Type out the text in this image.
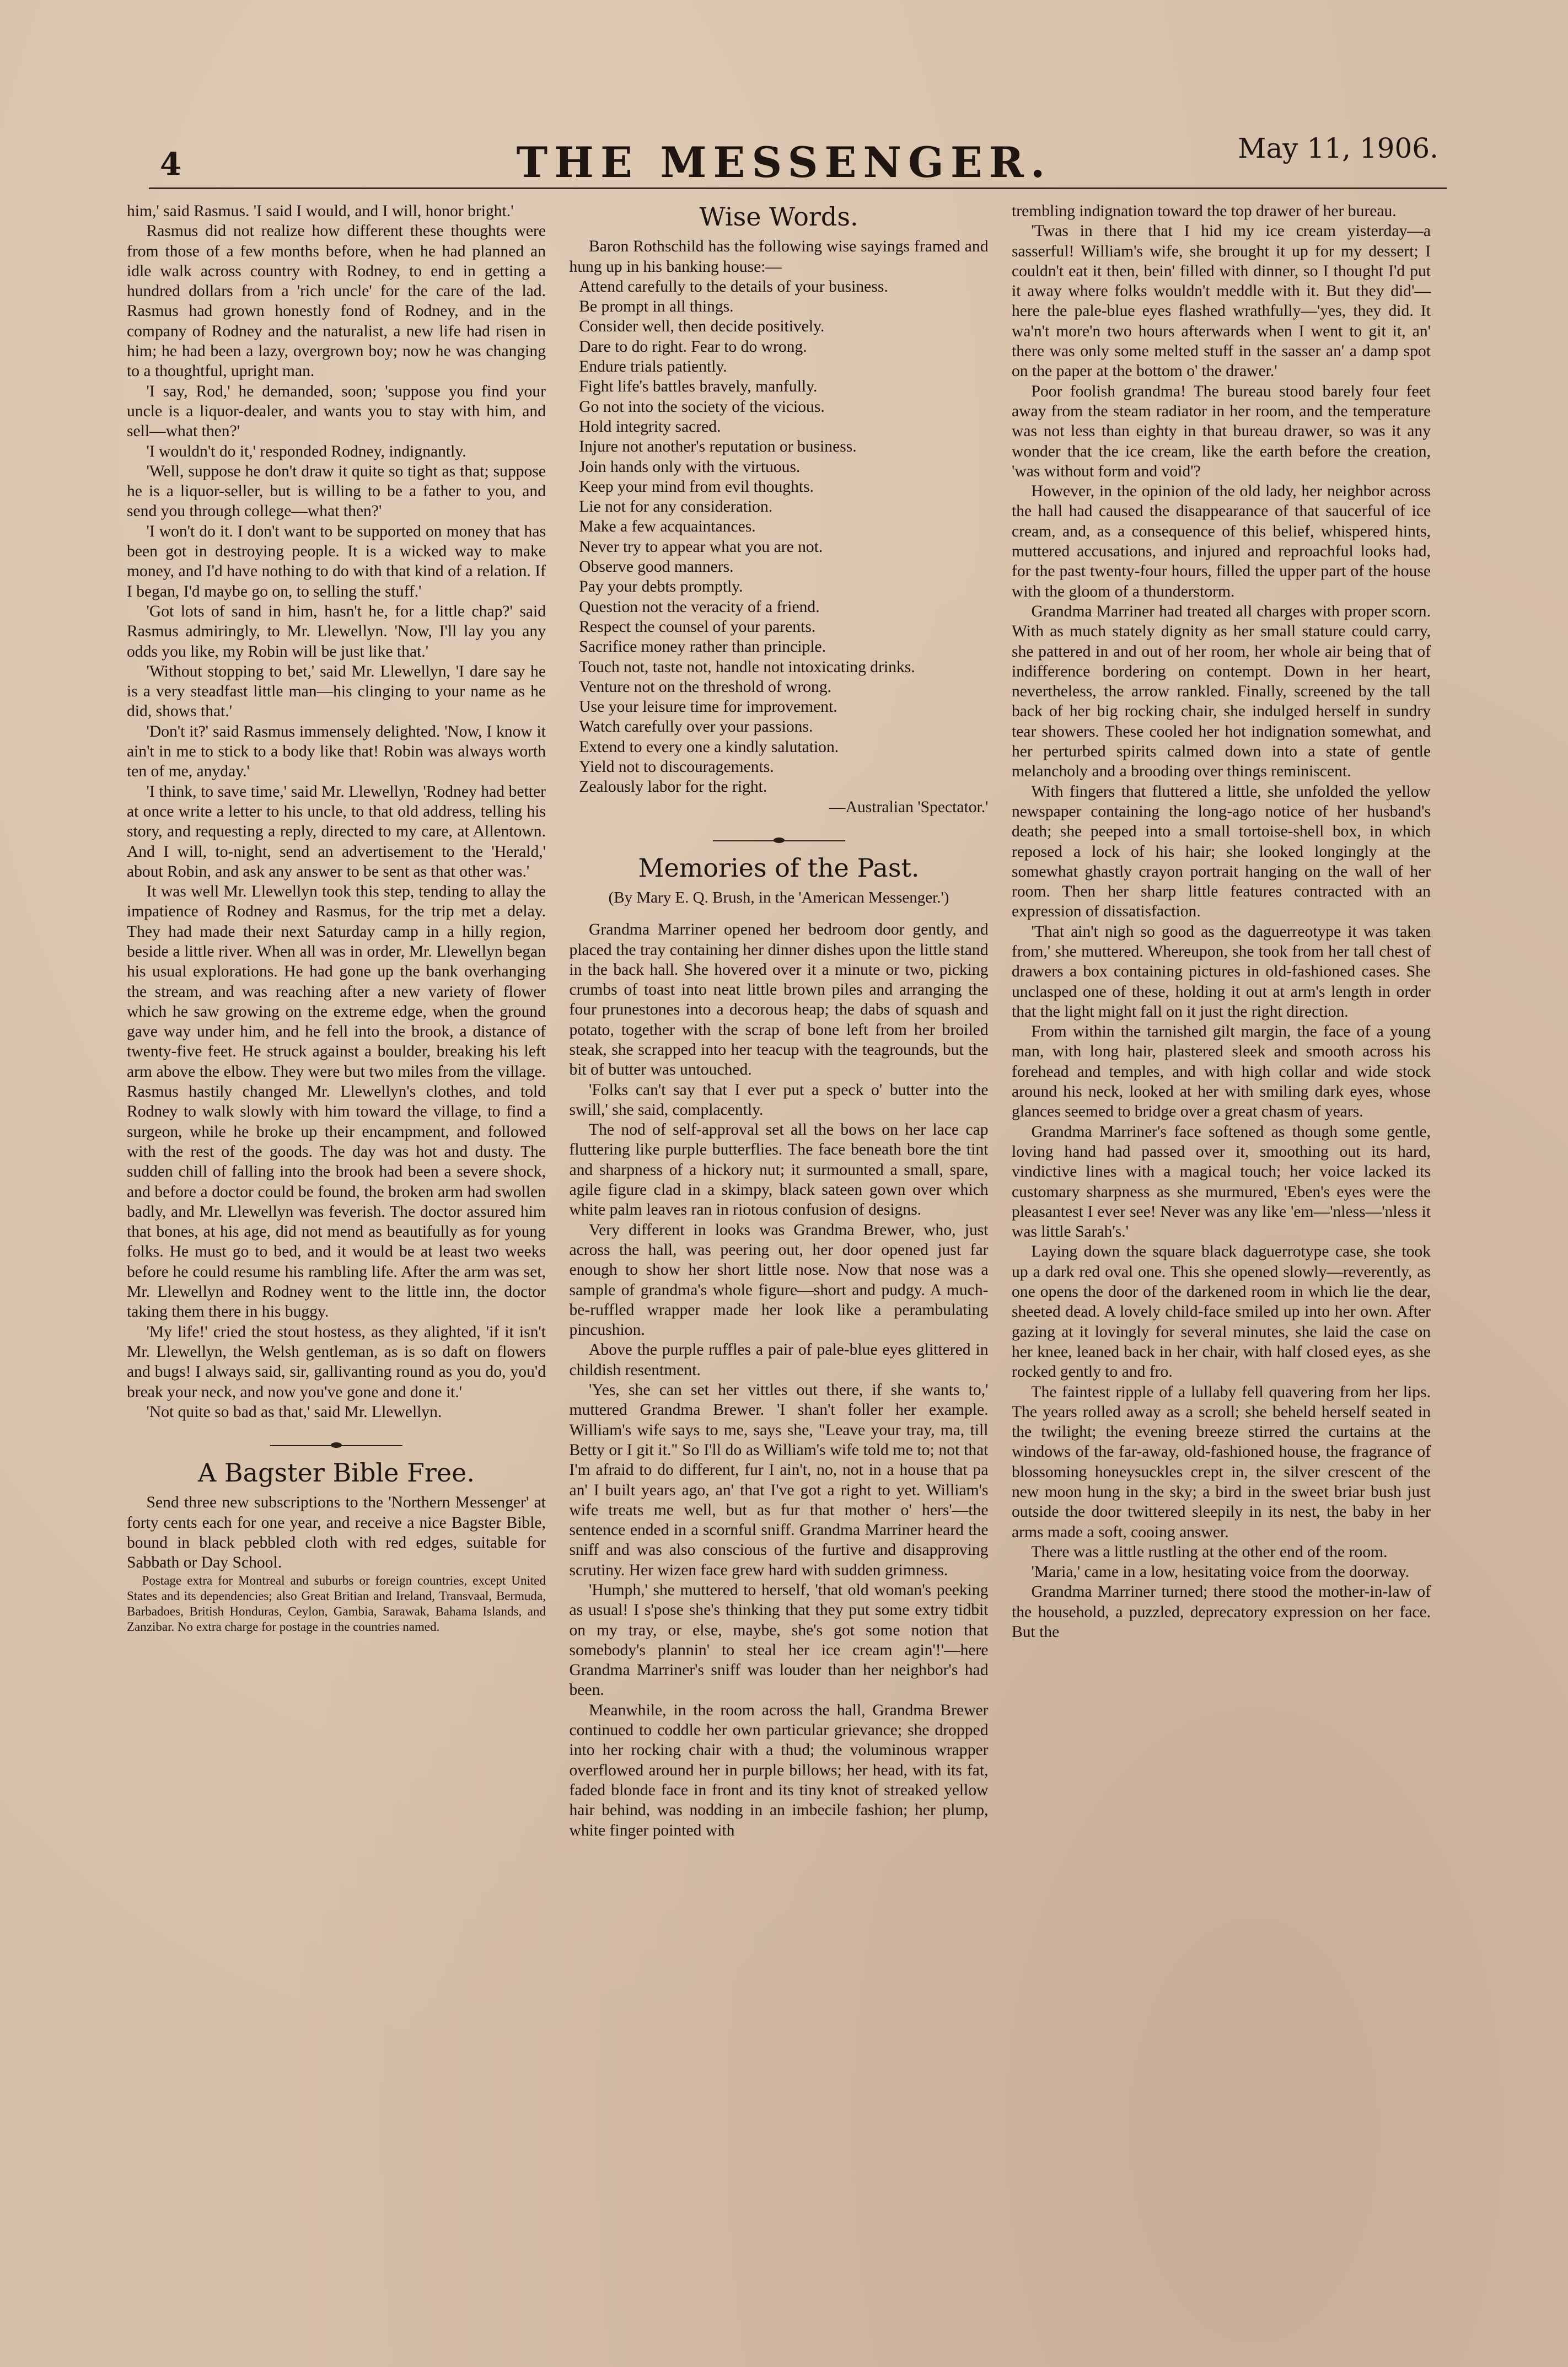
4	THE MESSENGER.	May 11, 1906.

him,' said Rasmus. 'I said I would, and I will, honor bright.'

Rasmus did not realize how different these thoughts were from those of a few months before, when he had planned an idle walk across country with Rodney, to end in getting a hundred dollars from a 'rich uncle' for the care of the lad. Rasmus had grown honestly fond of Rodney, and in the company of Rodney and the naturalist, a new life had risen in him; he had been a lazy, overgrown boy; now he was changing to a thoughtful, upright man.

'I say, Rod,' he demanded, soon; 'suppose you find your uncle is a liquor-dealer, and wants you to stay with him, and sell—what then?'

'I wouldn't do it,' responded Rodney, indignantly.

'Well, suppose he don't draw it quite so tight as that; suppose he is a liquor-seller, but is willing to be a father to you, and send you through college—what then?'

'I won't do it. I don't want to be supported on money that has been got in destroying people. It is a wicked way to make money, and I'd have nothing to do with that kind of a relation. If I began, I'd maybe go on, to selling the stuff.'

'Got lots of sand in him, hasn't he, for a little chap?' said Rasmus admiringly, to Mr. Llewellyn. 'Now, I'll lay you any odds you like, my Robin will be just like that.'

'Without stopping to bet,' said Mr. Llewellyn, 'I dare say he is a very steadfast little man—his clinging to your name as he did, shows that.'

'Don't it?' said Rasmus immensely delighted. 'Now, I know it ain't in me to stick to a body like that! Robin was always worth ten of me, anyday.'

'I think, to save time,' said Mr. Llewellyn, 'Rodney had better at once write a letter to his uncle, to that old address, telling his story, and requesting a reply, directed to my care, at Allentown. And I will, to-night, send an advertisement to the 'Herald,' about Robin, and ask any answer to be sent as that other was.'

It was well Mr. Llewellyn took this step, tending to allay the impatience of Rodney and Rasmus, for the trip met a delay. They had made their next Saturday camp in a hilly region, beside a little river. When all was in order, Mr. Llewellyn began his usual explorations. He had gone up the bank overhanging the stream, and was reaching after a new variety of flower which he saw growing on the extreme edge, when the ground gave way under him, and he fell into the brook, a distance of twenty-five feet. He struck against a boulder, breaking his left arm above the elbow. They were but two miles from the village. Rasmus hastily changed Mr. Llewellyn's clothes, and told Rodney to walk slowly with him toward the village, to find a surgeon, while he broke up their encampment, and followed with the rest of the goods. The day was hot and dusty. The sudden chill of falling into the brook had been a severe shock, and before a doctor could be found, the broken arm had swollen badly, and Mr. Llewellyn was feverish. The doctor assured him that bones, at his age, did not mend as beautifully as for young folks. He must go to bed, and it would be at least two weeks before he could resume his rambling life. After the arm was set, Mr. Llewellyn and Rodney went to the little inn, the doctor taking them there in his buggy.

'My life!' cried the stout hostess, as they alighted, 'if it isn't Mr. Llewellyn, the Welsh gentleman, as is so daft on flowers and bugs! I always said, sir, gallivanting round as you do, you'd break your neck, and now you've gone and done it.'

'Not quite so bad as that,' said Mr. Llewellyn.

A Bagster Bible Free.

Send three new subscriptions to the 'Northern Messenger' at forty cents each for one year, and receive a nice Bagster Bible, bound in black pebbled cloth with red edges, suitable for Sabbath or Day School.

Postage extra for Montreal and suburbs or foreign countries, except United States and its dependencies; also Great Britian and Ireland, Transvaal, Bermuda, Barbadoes, British Honduras, Ceylon, Gambia, Sarawak, Bahama Islands, and Zanzibar. No extra charge for postage in the countries named.

Wise Words.

Baron Rothschild has the following wise sayings framed and hung up in his banking house:—

Attend carefully to the details of your business.
Be prompt in all things.
Consider well, then decide positively.
Dare to do right. Fear to do wrong.
Endure trials patiently.
Fight life's battles bravely, manfully.
Go not into the society of the vicious.
Hold integrity sacred.
Injure not another's reputation or business.
Join hands only with the virtuous.
Keep your mind from evil thoughts.
Lie not for any consideration.
Make a few acquaintances.
Never try to appear what you are not.
Observe good manners.
Pay your debts promptly.
Question not the veracity of a friend.
Respect the counsel of your parents.
Sacrifice money rather than principle.
Touch not, taste not, handle not intoxicating drinks.
Venture not on the threshold of wrong.
Use your leisure time for improvement.
Watch carefully over your passions.
Extend to every one a kindly salutation.
Yield not to discouragements.
Zealously labor for the right.

—Australian 'Spectator.'

Memories of the Past.
(By Mary E. Q. Brush, in the 'American Messenger.')

Grandma Marriner opened her bedroom door gently, and placed the tray containing her dinner dishes upon the little stand in the back hall. She hovered over it a minute or two, picking crumbs of toast into neat little brown piles and arranging the four prunestones into a decorous heap; the dabs of squash and potato, together with the scrap of bone left from her broiled steak, she scrapped into her teacup with the teagrounds, but the bit of butter was untouched.

'Folks can't say that I ever put a speck o' butter into the swill,' she said, complacently.

The nod of self-approval set all the bows on her lace cap fluttering like purple butterflies. The face beneath bore the tint and sharpness of a hickory nut; it surmounted a small, spare, agile figure clad in a skimpy, black sateen gown over which white palm leaves ran in riotous confusion of designs.

Very different in looks was Grandma Brewer, who, just across the hall, was peering out, her door opened just far enough to show her short little nose. Now that nose was a sample of grandma's whole figure—short and pudgy. A much-be-ruffled wrapper made her look like a perambulating pincushion.

Above the purple ruffles a pair of pale-blue eyes glittered in childish resentment.

'Yes, she can set her vittles out there, if she wants to,' muttered Grandma Brewer. 'I shan't foller her example. William's wife says to me, says she, "Leave your tray, ma, till Betty or I git it." So I'll do as William's wife told me to; not that I'm afraid to do different, fur I ain't, no, not in a house that pa an' I built years ago, an' that I've got a right to yet. William's wife treats me well, but as fur that mother o' hers'—the sentence ended in a scornful sniff. Grandma Marriner heard the sniff and was also conscious of the furtive and disapproving scrutiny. Her wizen face grew hard with sudden grimness.

'Humph,' she muttered to herself, 'that old woman's peeking as usual! I s'pose she's thinking that they put some extry tidbit on my tray, or else, maybe, she's got some notion that somebody's plannin' to steal her ice cream agin'!'—here Grandma Marriner's sniff was louder than her neighbor's had been.

Meanwhile, in the room across the hall, Grandma Brewer continued to coddle her own particular grievance; she dropped into her rocking chair with a thud; the voluminous wrapper overflowed around her in purple billows; her head, with its fat, faded blonde face in front and its tiny knot of streaked yellow hair behind, was nodding in an imbecile fashion; her plump, white finger pointed with

trembling indignation toward the top drawer of her bureau.

'Twas in there that I hid my ice cream yisterday—a sasserful! William's wife, she brought it up for my dessert; I couldn't eat it then, bein' filled with dinner, so I thought I'd put it away where folks wouldn't meddle with it. But they did'—here the pale-blue eyes flashed wrathfully—'yes, they did. It wa'n't more'n two hours afterwards when I went to git it, an' there was only some melted stuff in the sasser an' a damp spot on the paper at the bottom o' the drawer.'

Poor foolish grandma! The bureau stood barely four feet away from the steam radiator in her room, and the temperature was not less than eighty in that bureau drawer, so was it any wonder that the ice cream, like the earth before the creation, 'was without form and void'?

However, in the opinion of the old lady, her neighbor across the hall had caused the disappearance of that saucerful of ice cream, and, as a consequence of this belief, whispered hints, muttered accusations, and injured and reproachful looks had, for the past twenty-four hours, filled the upper part of the house with the gloom of a thunderstorm.

Grandma Marriner had treated all charges with proper scorn. With as much stately dignity as her small stature could carry, she pattered in and out of her room, her whole air being that of indifference bordering on contempt. Down in her heart, nevertheless, the arrow rankled. Finally, screened by the tall back of her big rocking chair, she indulged herself in sundry tear showers. These cooled her hot indignation somewhat, and her perturbed spirits calmed down into a state of gentle melancholy and a brooding over things reminiscent.

With fingers that fluttered a little, she unfolded the yellow newspaper containing the long-ago notice of her husband's death; she peeped into a small tortoise-shell box, in which reposed a lock of his hair; she looked longingly at the somewhat ghastly crayon portrait hanging on the wall of her room. Then her sharp little features contracted with an expression of dissatisfaction.

'That ain't nigh so good as the daguerreotype it was taken from,' she muttered. Whereupon, she took from her tall chest of drawers a box containing pictures in old-fashioned cases. She unclasped one of these, holding it out at arm's length in order that the light might fall on it just the right direction.

From within the tarnished gilt margin, the face of a young man, with long hair, plastered sleek and smooth across his forehead and temples, and with high collar and wide stock around his neck, looked at her with smiling dark eyes, whose glances seemed to bridge over a great chasm of years.

Grandma Marriner's face softened as though some gentle, loving hand had passed over it, smoothing out its hard, vindictive lines with a magical touch; her voice lacked its customary sharpness as she murmured, 'Eben's eyes were the pleasantest I ever see! Never was any like 'em—'nless—'nless it was little Sarah's.'

Laying down the square black daguerrotype case, she took up a dark red oval one. This she opened slowly—reverently, as one opens the door of the darkened room in which lie the dear, sheeted dead. A lovely child-face smiled up into her own. After gazing at it lovingly for several minutes, she laid the case on her knee, leaned back in her chair, with half closed eyes, as she rocked gently to and fro.

The faintest ripple of a lullaby fell quavering from her lips. The years rolled away as a scroll; she beheld herself seated in the twilight; the evening breeze stirred the curtains at the windows of the far-away, old-fashioned house, the fragrance of blossoming honeysuckles crept in, the silver crescent of the new moon hung in the sky; a bird in the sweet briar bush just outside the door twittered sleepily in its nest, the baby in her arms made a soft, cooing answer.

There was a little rustling at the other end of the room.

'Maria,' came in a low, hesitating voice from the doorway.

Grandma Marriner turned; there stood the mother-in-law of the household, a puzzled, deprecatory expression on her face. But the
